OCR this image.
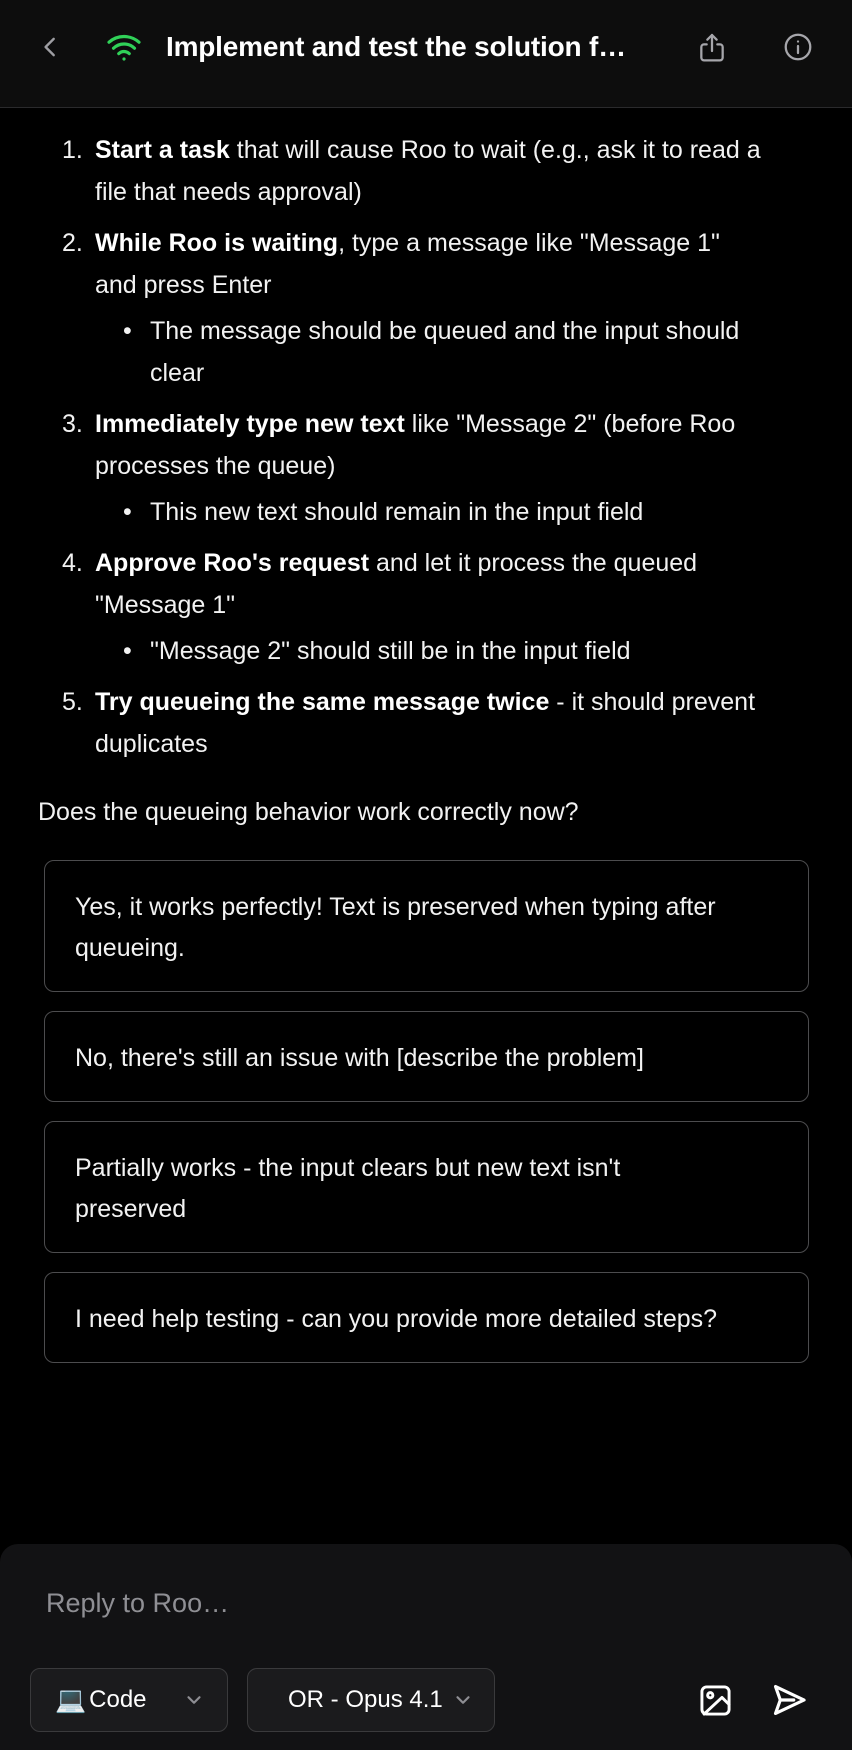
Implement and test the solution f…
Start a task that will cause Roo to wait (e.g., ask it to read a file that needs approval)
While Roo is waiting, type a message like "Message 1" and press Enter
• The message should be queued and the input should clear
Immediately type new text like "Message 2" (before Roo processes the queue)
• This new text should remain in the input field
Approve Roo's request and let it process the queued "Message 1"
• "Message 2" should still be in the input field
Try queueing the same message twice - it should prevent duplicates

Does the queueing behavior work correctly now?

Yes, it works perfectly! Text is preserved when typing after queueing.
No, there's still an issue with [describe the problem]
Partially works - the input clears but new text isn't preserved
I need help testing - can you provide more detailed steps?
Reply to Roo…
💻 Code	OR - Opus 4.1
